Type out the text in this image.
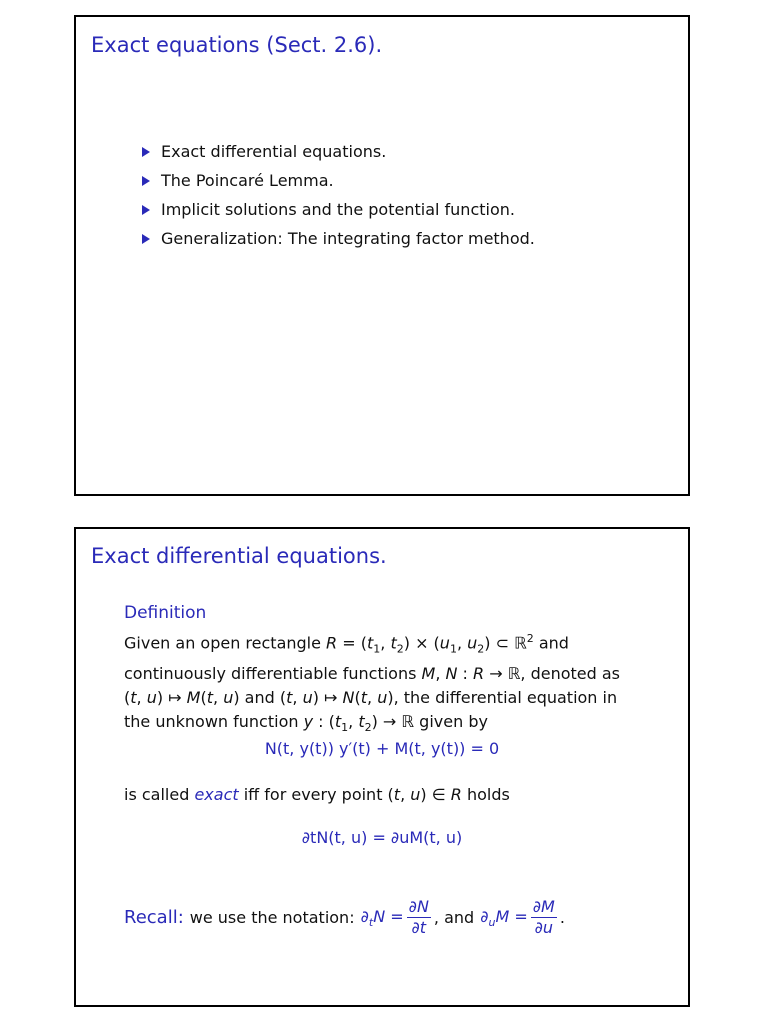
Exact equations (Sect. 2.6).
Exact differential equations.
The Poincaré Lemma.
Implicit solutions and the potential function.
Generalization: The integrating factor method.
Exact differential equations.
Definition
Given an open rectangle $R = (t_1$, $t_2) \times (u_1$, $u_2$) ⊂ ℝ$^2$ and
continuously differentiable functions M, N : R → ℝ, denoted as
(t, u) ↦ M(t, u) and (t, u) ↦ N(t, u), the differential equation in
the unknown function y : ($t_1$, $t_2$) → ℝ given by
N(t, y(t)) y′(t) + M(t, y(t)) = 0
is called exact iff for every point (t, u) ∈ R holds
∂tN(t, u) = ∂uM(t, u)
Recall: we use the notation: $\partial_tN = \frac{\partial N}{\partial t}$ , and $\partial_uM = \frac{\partial M}{\partial u}$ .
